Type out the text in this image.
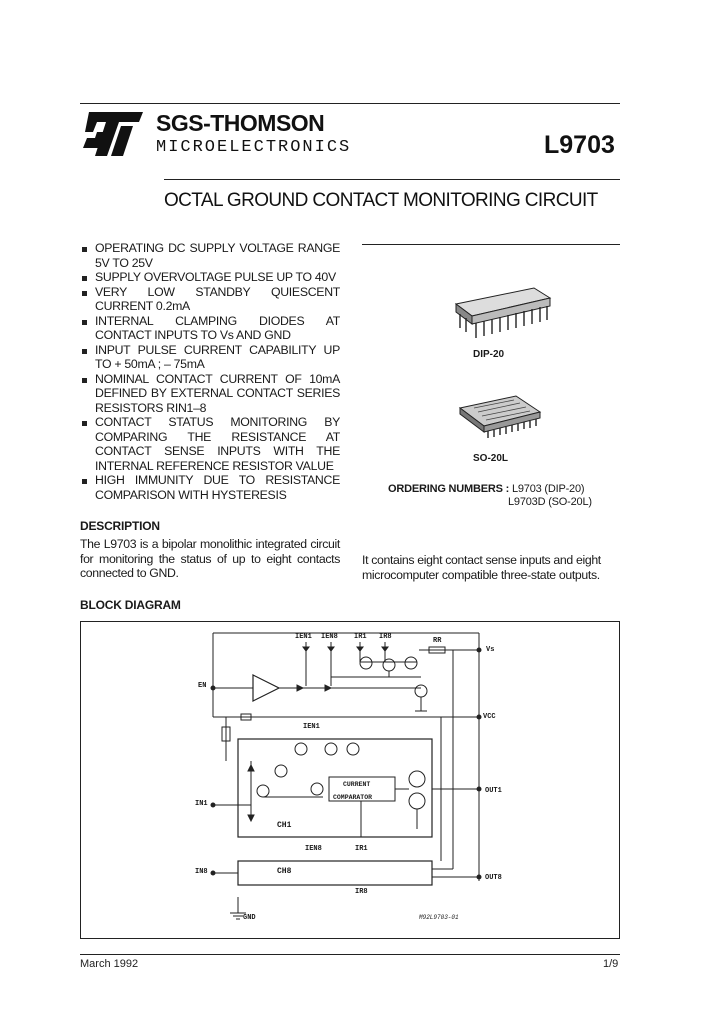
SGS-THOMSON
MICROELECTRONICS	L9703
OCTAL GROUND CONTACT MONITORING CIRCUIT
OPERATING DC SUPPLY VOLTAGE RANGE 5V TO 25V
SUPPLY OVERVOLTAGE PULSE UP TO 40V
VERY LOW STANDBY QUIESCENT CURRENT 0.2mA
INTERNAL CLAMPING DIODES AT CONTACT INPUTS TO Vs AND GND
INPUT PULSE CURRENT CAPABILITY UP TO + 50mA ; – 75mA
NOMINAL CONTACT CURRENT OF 10mA DEFINED BY EXTERNAL CONTACT SERIES RESISTORS RIN1–8
CONTACT STATUS MONITORING BY COMPARING THE RESISTANCE AT CONTACT SENSE INPUTS WITH THE INTERNAL REFERENCE RESISTOR VALUE
HIGH IMMUNITY DUE TO RESISTANCE COMPARISON WITH HYSTERESIS
DIP-20
SO-20L
ORDERING NUMBERS : L9703 (DIP-20)
L9703D (SO-20L)
DESCRIPTION
The L9703 is a bipolar monolithic integrated circuit for monitoring the status of up to eight contacts connected to GND.
It contains eight contact sense inputs and eight microcomputer compatible three-state outputs.
BLOCK DIAGRAM
IEN1 IEN8 IR1 IR8	RR
Vs
EN
VCC
IEN1
CURRENT
COMPARATOR
IN1
OUT1
CH1
IEN8	IR1
IN8	CH8
OUT8
IR8
GND	M92L9703-01
March 1992	1/9
